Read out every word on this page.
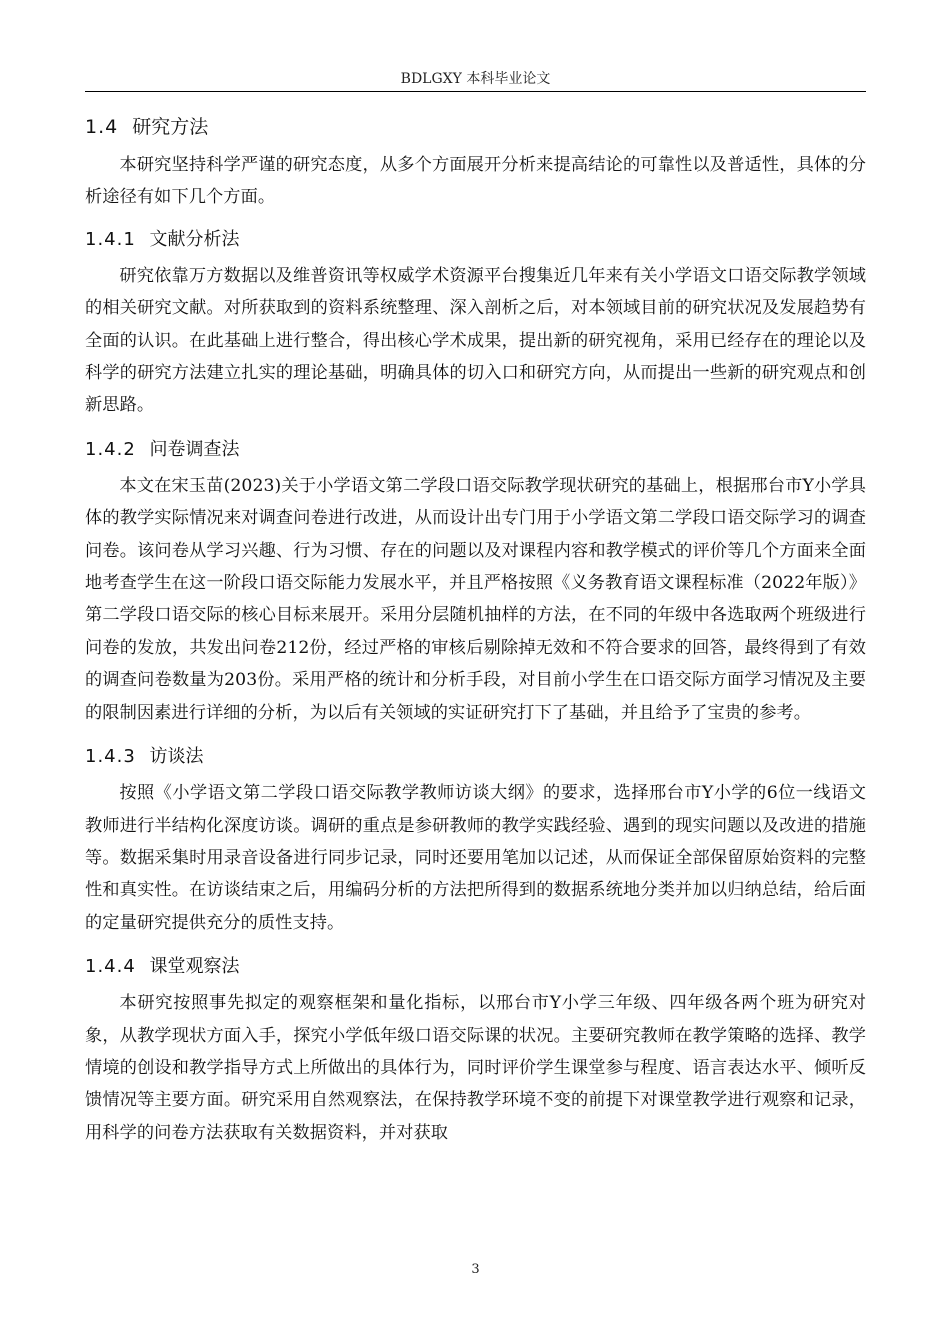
BDLGXY 本科毕业论文
1.4 研究方法

本研究坚持科学严谨的研究态度，从多个方面展开分析来提高结论的可靠性以及普适性，具体的分析途径有如下几个方面。

1.4.1 文献分析法

研究依靠万方数据以及维普资讯等权威学术资源平台搜集近几年来有关小学语文口语交际教学领域的相关研究文献。对所获取到的资料系统整理、深入剖析之后，对本领域目前的研究状况及发展趋势有全面的认识。在此基础上进行整合，得出核心学术成果，提出新的研究视角，采用已经存在的理论以及科学的研究方法建立扎实的理论基础，明确具体的切入口和研究方向，从而提出一些新的研究观点和创新思路。

1.4.2 问卷调查法

本文在宋玉苗(2023)关于小学语文第二学段口语交际教学现状研究的基础上，根据邢台市Y小学具体的教学实际情况来对调查问卷进行改进，从而设计出专门用于小学语文第二学段口语交际学习的调查问卷。该问卷从学习兴趣、行为习惯、存在的问题以及对课程内容和教学模式的评价等几个方面来全面地考查学生在这一阶段口语交际能力发展水平，并且严格按照《义务教育语文课程标准（2022年版）》第二学段口语交际的核心目标来展开。采用分层随机抽样的方法，在不同的年级中各选取两个班级进行问卷的发放，共发出问卷212份，经过严格的审核后剔除掉无效和不符合要求的回答，最终得到了有效的调查问卷数量为203份。采用严格的统计和分析手段，对目前小学生在口语交际方面学习情况及主要的限制因素进行详细的分析，为以后有关领域的实证研究打下了基础，并且给予了宝贵的参考。

1.4.3 访谈法

按照《小学语文第二学段口语交际教学教师访谈大纲》的要求，选择邢台市Y小学的6位一线语文教师进行半结构化深度访谈。调研的重点是参研教师的教学实践经验、遇到的现实问题以及改进的措施等。数据采集时用录音设备进行同步记录，同时还要用笔加以记述，从而保证全部保留原始资料的完整性和真实性。在访谈结束之后，用编码分析的方法把所得到的数据系统地分类并加以归纳总结，给后面的定量研究提供充分的质性支持。

1.4.4 课堂观察法

本研究按照事先拟定的观察框架和量化指标，以邢台市Y小学三年级、四年级各两个班为研究对象，从教学现状方面入手，探究小学低年级口语交际课的状况。主要研究教师在教学策略的选择、教学情境的创设和教学指导方式上所做出的具体行为，同时评价学生课堂参与程度、语言表达水平、倾听反馈情况等主要方面。研究采用自然观察法，在保持教学环境不变的前提下对课堂教学进行观察和记录，用科学的问卷方法获取有关数据资料，并对获取

3
